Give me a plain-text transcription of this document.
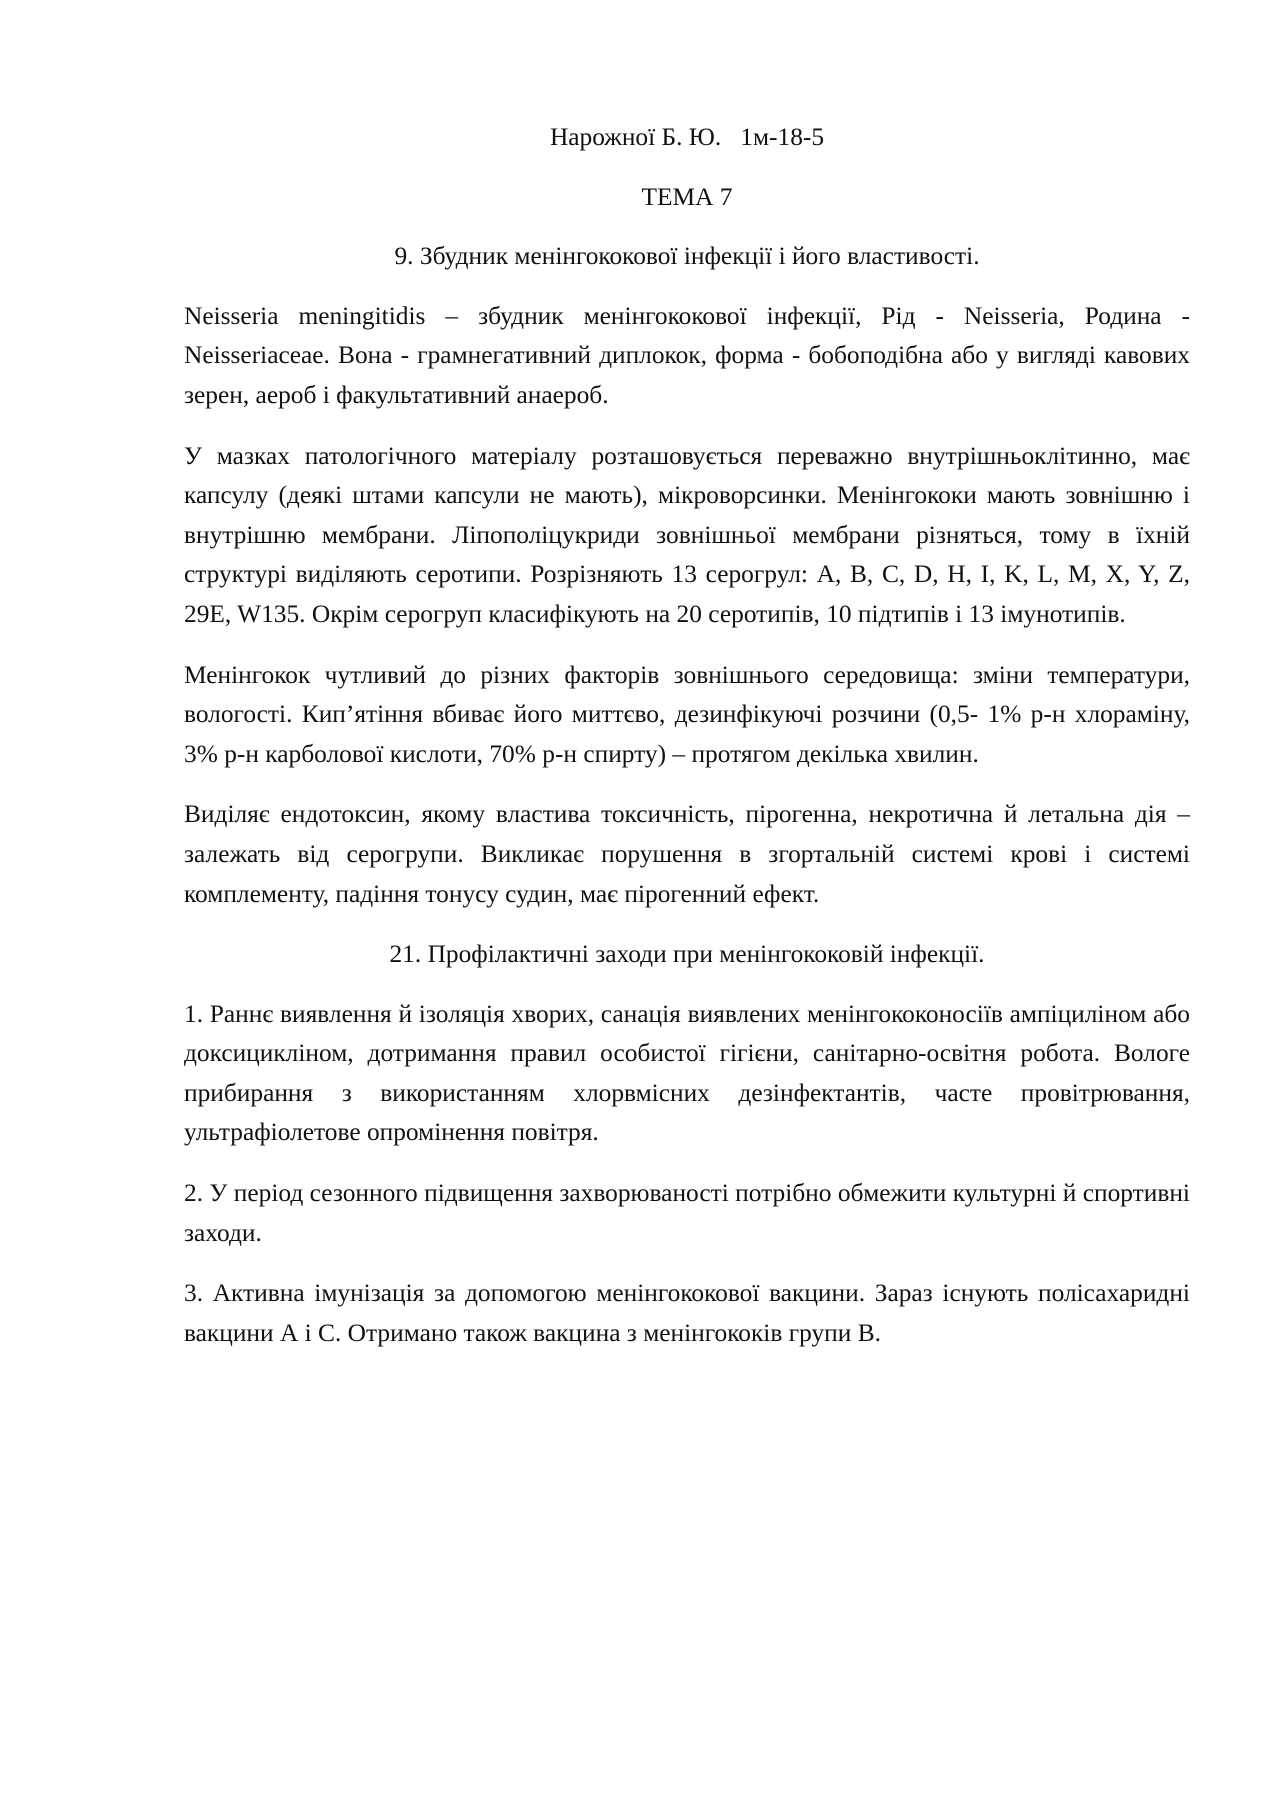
Нарожної Б. Ю.   1м-18-5

ТЕМА 7

9. Збудник менінгококової інфекції і його властивості.

Neisseria meningitidis – збудник менінгококової інфекції, Рід - Neisseria, Родина - Neisseriaceae. Вона - грамнегативний диплокок, форма - бобоподібна або у вигляді кавових зерен, аероб і факультативний анаероб.

У мазках патологічного матеріалу розташовується переважно внутрішньоклітинно, має капсулу (деякі штами капсули не мають), мікроворсинки. Менінгококи мають зовнішню і внутрішню мембрани. Ліпополіцукриди зовнішньої мембрани різняться, тому в їхній структурі виділяють серотипи. Розрізняють 13 серогрул: A, B, C, D, H, I, K, L, M, X, Y, Z, 29E, W135. Окрім серогруп класифікують на 20 серотипів, 10 підтипів і 13 імунотипів.

Менінгокок чутливий до різних факторів зовнішнього середовища: зміни температури, вологості. Кип’ятіння вбиває його миттєво, дезинфікуючі розчини (0,5- 1% р-н хлораміну, 3% р-н карболової кислоти, 70% р-н спирту) – протягом декілька хвилин.

Виділяє ендотоксин, якому властива токсичність, пірогенна, некротична й летальна дія – залежать від серогрупи. Викликає порушення в згортальній системі крові і системі комплементу, падіння тонусу судин, має пірогенний ефект.

21. Профілактичні заходи при менінгококовій інфекції.

1. Раннє виявлення й ізоляція хворих, санація виявлених менінгококоносіїв ампіциліном або доксицикліном, дотримання правил особистої гігієни, санітарно-освітня робота. Вологе прибирання з використанням хлорвмісних дезінфектантів, часте провітрювання, ультрафіолетове опромінення повітря.

2. У період сезонного підвищення захворюваності потрібно обмежити культурні й спортивні заходи.

3. Активна імунізація за допомогою менінгококової вакцини. Зараз існують полісахаридні вакцини А і С. Отримано також вакцина з менінгококів групи В.
